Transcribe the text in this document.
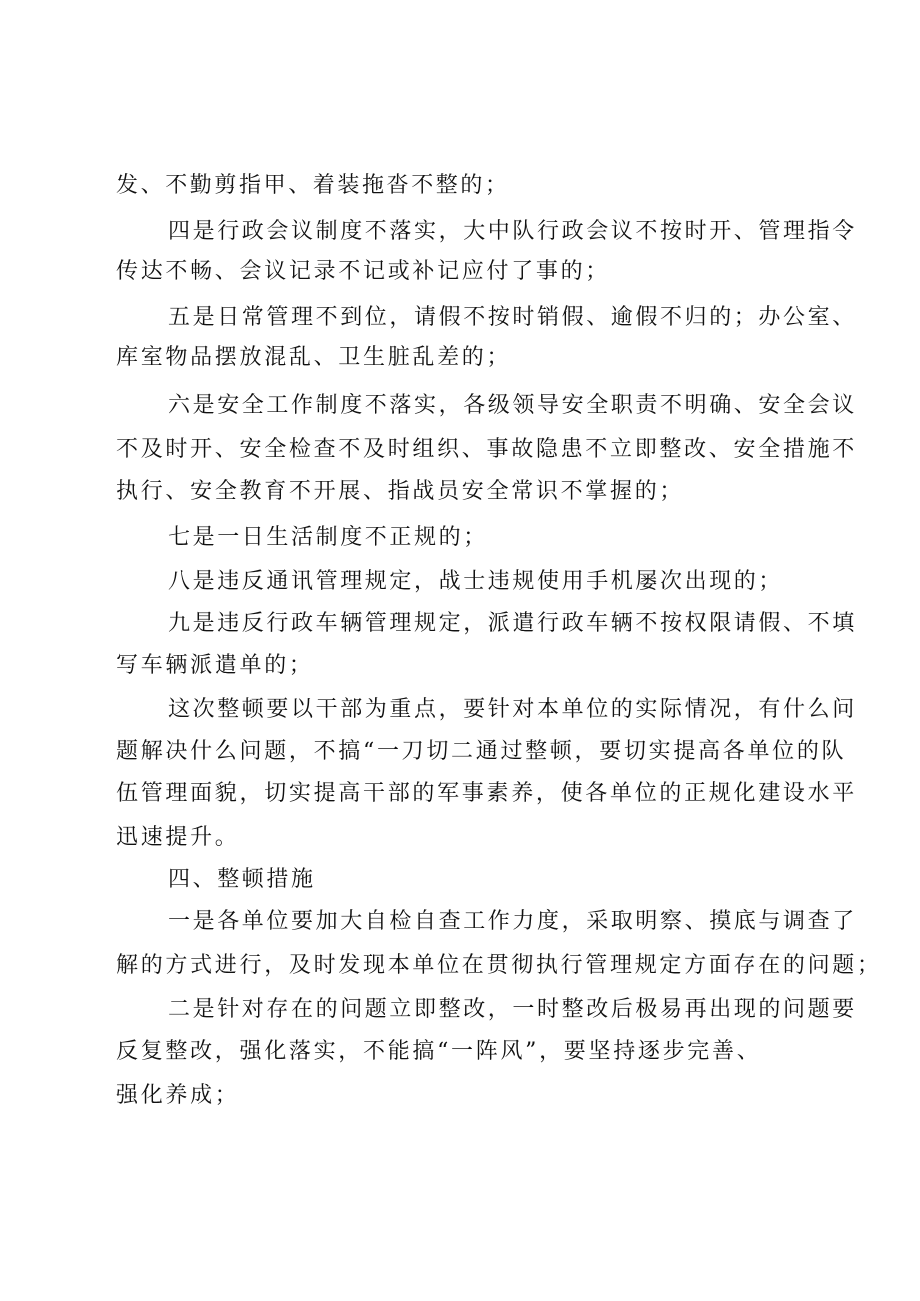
发、不勤剪指甲、着装拖沓不整的；
四是行政会议制度不落实，大中队行政会议不按时开、管理指令
传达不畅、会议记录不记或补记应付了事的；
五是日常管理不到位，请假不按时销假、逾假不归的；办公室、
库室物品摆放混乱、卫生脏乱差的；
六是安全工作制度不落实，各级领导安全职责不明确、安全会议
不及时开、安全检查不及时组织、事故隐患不立即整改、安全措施不
执行、安全教育不开展、指战员安全常识不掌握的；
七是一日生活制度不正规的；
八是违反通讯管理规定，战士违规使用手机屡次出现的；
九是违反行政车辆管理规定，派遣行政车辆不按权限请假、不填
写车辆派遣单的；
这次整顿要以干部为重点，要针对本单位的实际情况，有什么问
题解决什么问题，不搞“一刀切二通过整顿，要切实提高各单位的队
伍管理面貌，切实提高干部的军事素养，使各单位的正规化建设水平
迅速提升。
四、整顿措施
一是各单位要加大自检自查工作力度，采取明察、摸底与调查了
解的方式进行，及时发现本单位在贯彻执行管理规定方面存在的问题；
二是针对存在的问题立即整改，一时整改后极易再出现的问题要
反复整改，强化落实，不能搞“一阵风”，要坚持逐步完善、
强化养成；
